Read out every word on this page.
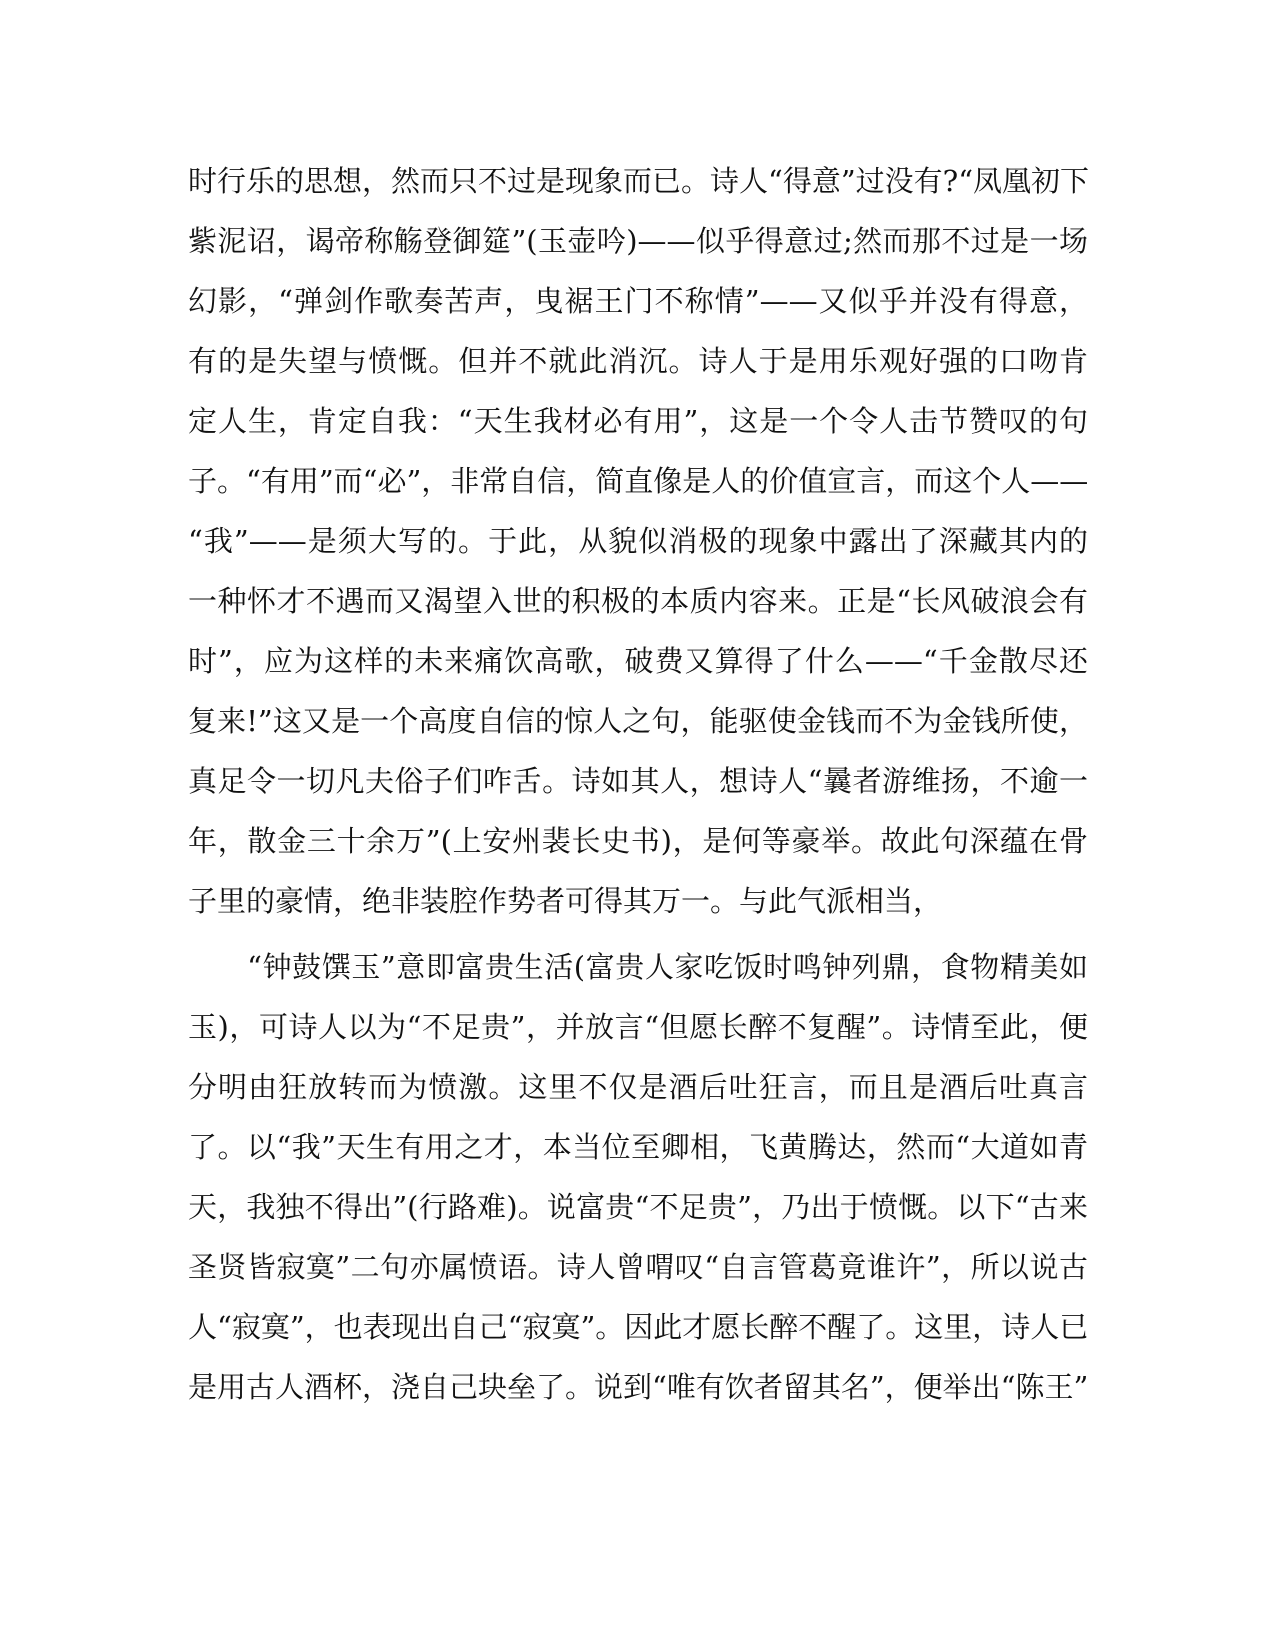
时行乐的思想，然而只不过是现象而已。诗人“得意”过没有?“凤凰初下
紫泥诏，谒帝称觞登御筵”(玉壶吟)——似乎得意过;然而那不过是一场
幻影，“弹剑作歌奏苦声，曳裾王门不称情”——又似乎并没有得意，
有的是失望与愤慨。但并不就此消沉。诗人于是用乐观好强的口吻肯
定人生，肯定自我：“天生我材必有用”，这是一个令人击节赞叹的句
子。“有用”而“必”，非常自信，简直像是人的价值宣言，而这个人——
“我”——是须大写的。于此，从貌似消极的现象中露出了深藏其内的
一种怀才不遇而又渴望入世的积极的本质内容来。正是“长风破浪会有
时”，应为这样的未来痛饮高歌，破费又算得了什么——“千金散尽还
复来!”这又是一个高度自信的惊人之句，能驱使金钱而不为金钱所使，
真足令一切凡夫俗子们咋舌。诗如其人，想诗人“曩者游维扬，不逾一
年，散金三十余万”(上安州裴长史书)，是何等豪举。故此句深蕴在骨
子里的豪情，绝非装腔作势者可得其万一。与此气派相当，
　　“钟鼓馔玉”意即富贵生活(富贵人家吃饭时鸣钟列鼎，食物精美如
玉)，可诗人以为“不足贵”，并放言“但愿长醉不复醒”。诗情至此，便
分明由狂放转而为愤激。这里不仅是酒后吐狂言，而且是酒后吐真言
了。以“我”天生有用之才，本当位至卿相，飞黄腾达，然而“大道如青
天，我独不得出”(行路难)。说富贵“不足贵”，乃出于愤慨。以下“古来
圣贤皆寂寞”二句亦属愤语。诗人曾喟叹“自言管葛竟谁许”，所以说古
人“寂寞”，也表现出自己“寂寞”。因此才愿长醉不醒了。这里，诗人已
是用古人酒杯，浇自己块垒了。说到“唯有饮者留其名”，便举出“陈王”
